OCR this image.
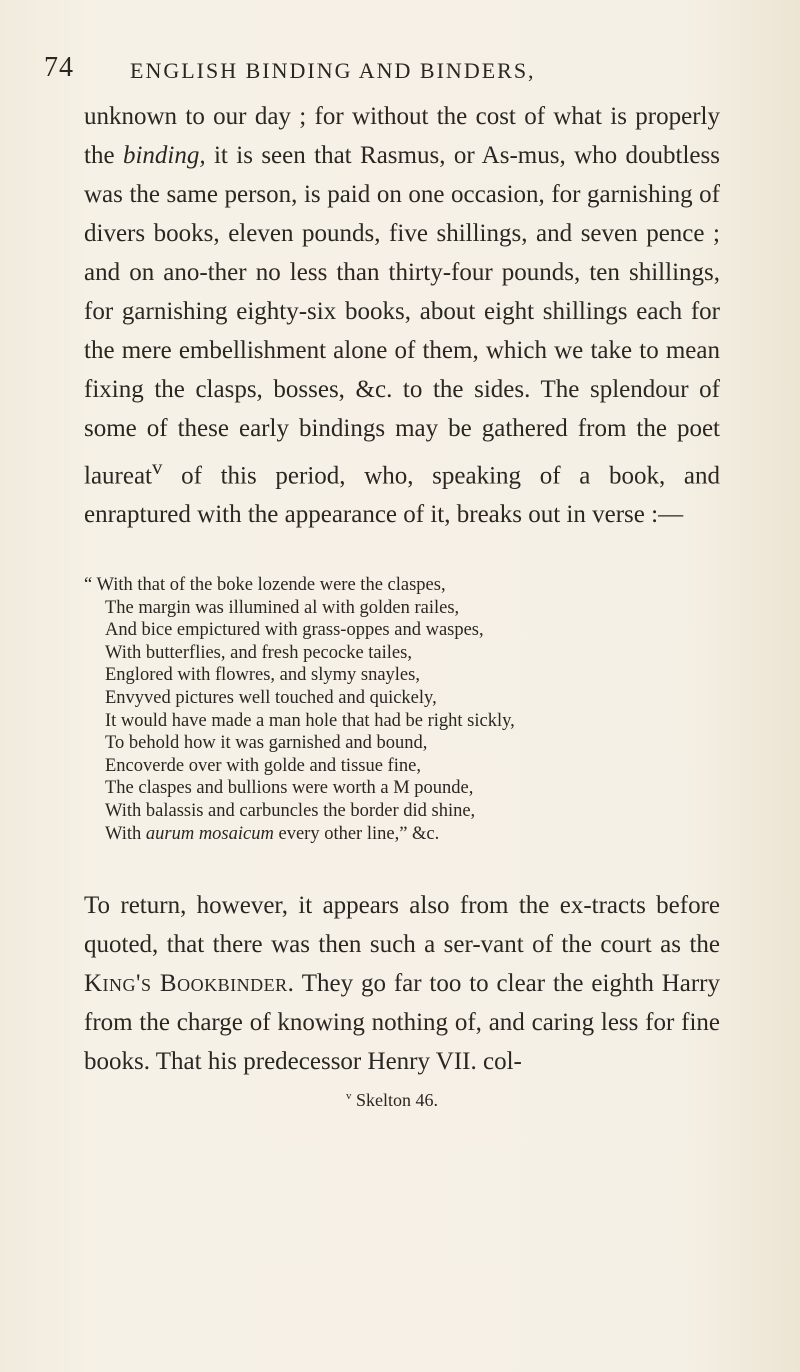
74	ENGLISH BINDING AND BINDERS,

unknown to our day ; for without the cost of what is properly the binding, it is seen that Rasmus, or As-mus, who doubtless was the same person, is paid on one occasion, for garnishing of divers books, eleven pounds, five shillings, and seven pence ; and on ano-ther no less than thirty-four pounds, ten shillings, for garnishing eighty-six books, about eight shillings each for the mere embellishment alone of them, which we take to mean fixing the clasps, bosses, &c. to the sides. The splendour of some of these early bindings may be gathered from the poet laureat$^v$ of this period, who, speaking of a book, and enraptured with the appearance of it, breaks out in verse :—

“ With that of the boke lozende were the claspes,
The margin was illumined al with golden railes,
And bice empictured with grass-oppes and waspes,
With butterflies, and fresh pecocke tailes,
Englored with flowres, and slymy snayles,
Envyved pictures well touched and quickely,
It would have made a man hole that had be right sickly,
To behold how it was garnished and bound,
Encoverde over with golde and tissue fine,
The claspes and bullions were worth a M pounde,
With balassis and carbuncles the border did shine,
With aurum mosaicum every other line,” &c.
To return, however, it appears also from the ex-tracts before quoted, that there was then such a ser-vant of the court as the King's Bookbinder. They go far too to clear the eighth Harry from the charge of knowing nothing of, and caring less for fine books. That his predecessor Henry VII. col-
$^v$ Skelton 46.
